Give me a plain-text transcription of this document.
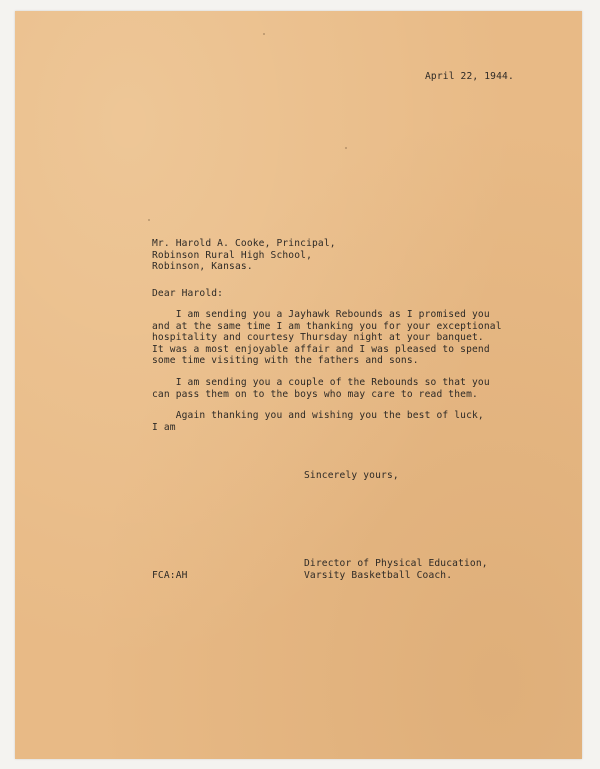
April 22, 1944.
Mr. Harold A. Cooke, Principal,
Robinson Rural High School,
Robinson, Kansas.
Dear Harold:
I am sending you a Jayhawk Rebounds as I promised you
and at the same time I am thanking you for your exceptional
hospitality and courtesy Thursday night at your banquet.
It was a most enjoyable affair and I was pleased to spend
some time visiting with the fathers and sons.
I am sending you a couple of the Rebounds so that you
can pass them on to the boys who may care to read them.
Again thanking you and wishing you the best of luck,
I am
Sincerely yours,
Director of Physical Education,
Varsity Basketball Coach.
FCA:AH
